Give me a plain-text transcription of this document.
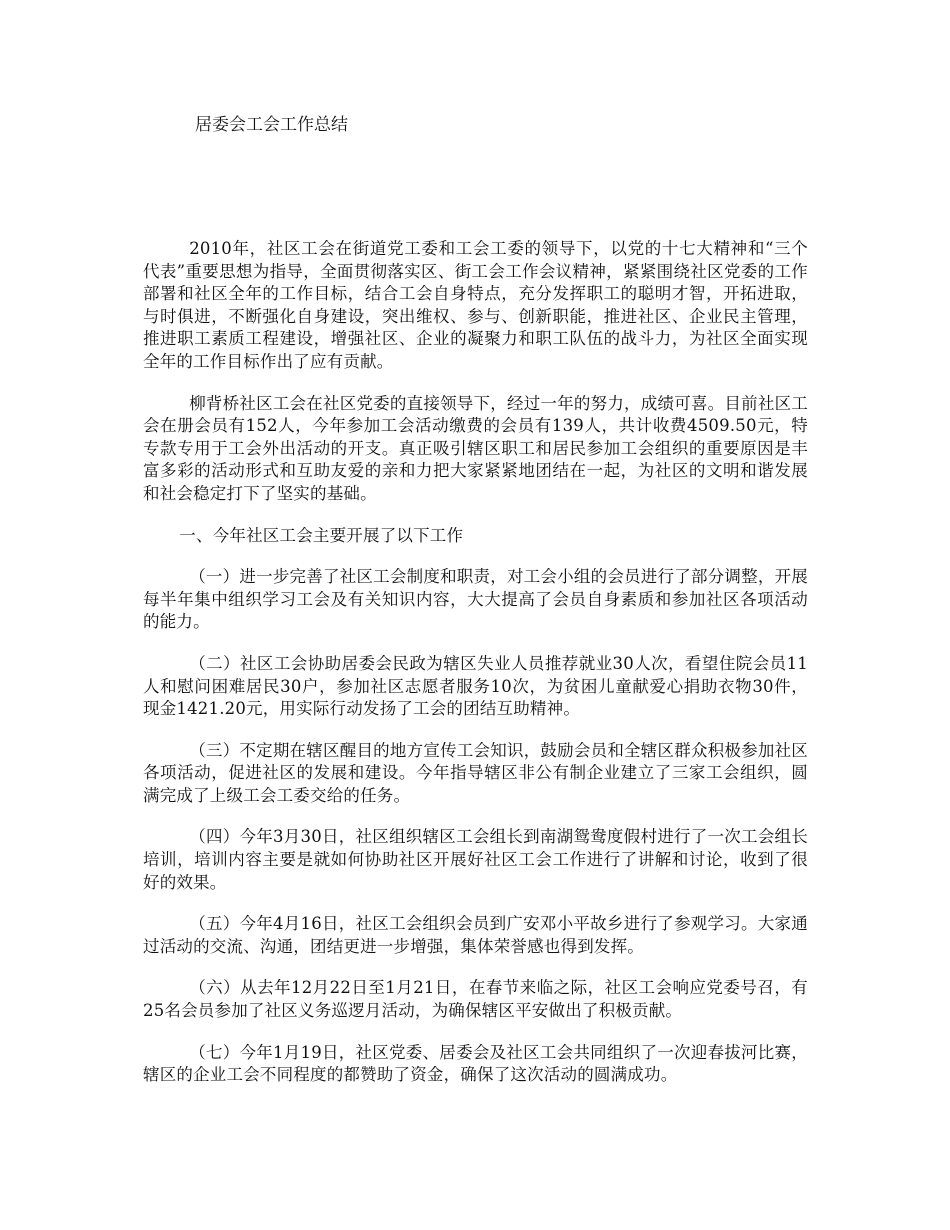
居委会工会工作总结

2010年，社区工会在街道党工委和工会工委的领导下，以党的十七大精神和“三个代表”重要思想为指导，全面贯彻落实区、街工会工作会议精神，紧紧围绕社区党委的工作部署和社区全年的工作目标，结合工会自身特点，充分发挥职工的聪明才智，开拓进取，与时俱进，不断强化自身建设，突出维权、参与、创新职能，推进社区、企业民主管理，推进职工素质工程建设，增强社区、企业的凝聚力和职工队伍的战斗力，为社区全面实现全年的工作目标作出了应有贡献。

柳背桥社区工会在社区党委的直接领导下，经过一年的努力，成绩可喜。目前社区工会在册会员有152人，今年参加工会活动缴费的会员有139人，共计收费4509.50元，特专款专用于工会外出活动的开支。真正吸引辖区职工和居民参加工会组织的重要原因是丰富多彩的活动形式和互助友爱的亲和力把大家紧紧地团结在一起，为社区的文明和谐发展和社会稳定打下了坚实的基础。

一、今年社区工会主要开展了以下工作

（一）进一步完善了社区工会制度和职责，对工会小组的会员进行了部分调整，开展每半年集中组织学习工会及有关知识内容，大大提高了会员自身素质和参加社区各项活动的能力。

（二）社区工会协助居委会民政为辖区失业人员推荐就业30人次，看望住院会员11人和慰问困难居民30户，参加社区志愿者服务10次，为贫困儿童献爱心捐助衣物30件，现金1421.20元，用实际行动发扬了工会的团结互助精神。

（三）不定期在辖区醒目的地方宣传工会知识，鼓励会员和全辖区群众积极参加社区各项活动，促进社区的发展和建设。今年指导辖区非公有制企业建立了三家工会组织，圆满完成了上级工会工委交给的任务。

（四）今年3月30日，社区组织辖区工会组长到南湖鸳鸯度假村进行了一次工会组长培训，培训内容主要是就如何协助社区开展好社区工会工作进行了讲解和讨论，收到了很好的效果。

（五）今年4月16日，社区工会组织会员到广安邓小平故乡进行了参观学习。大家通过活动的交流、沟通，团结更进一步增强，集体荣誉感也得到发挥。

（六）从去年12月22日至1月21日，在春节来临之际，社区工会响应党委号召，有25名会员参加了社区义务巡逻月活动，为确保辖区平安做出了积极贡献。

（七）今年1月19日，社区党委、居委会及社区工会共同组织了一次迎春拔河比赛，辖区的企业工会不同程度的都赞助了资金，确保了这次活动的圆满成功。
